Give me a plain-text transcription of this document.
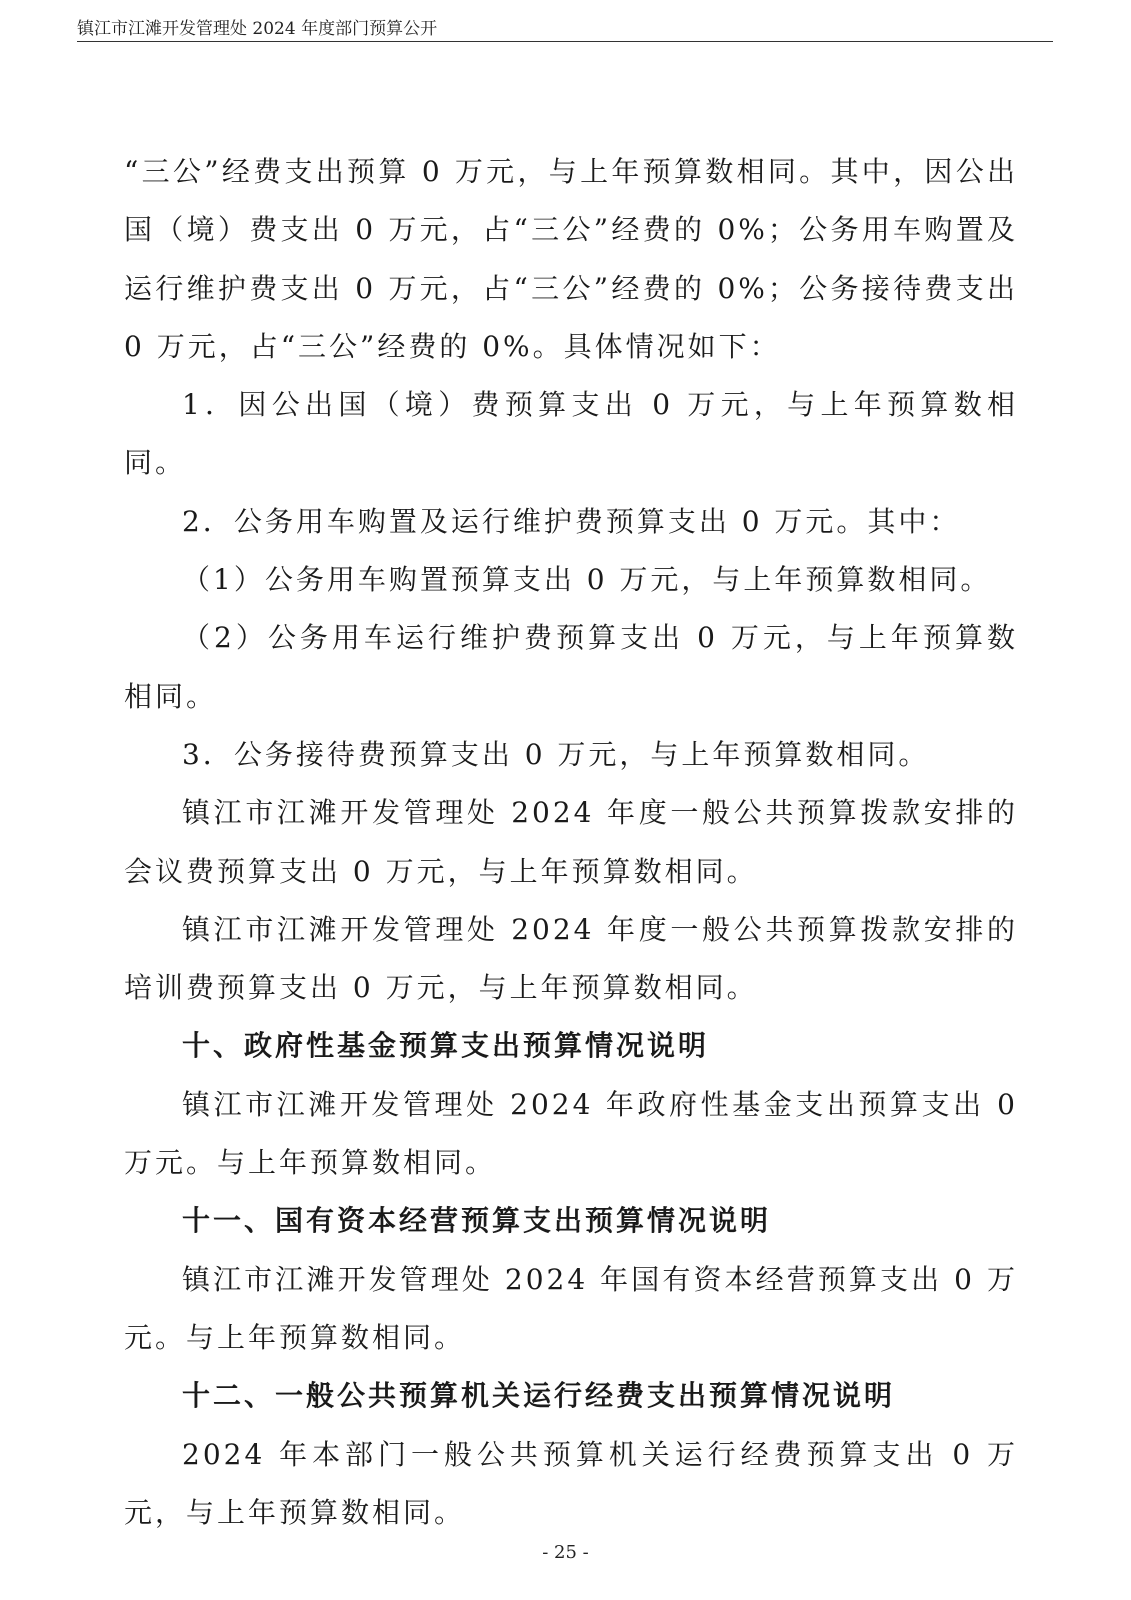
镇江市江滩开发管理处 2024 年度部门预算公开

“三公”经费支出预算 0 万元，与上年预算数相同。其中，因公出国（境）费支出 0 万元，占“三公”经费的 0%；公务用车购置及运行维护费支出 0 万元，占“三公”经费的 0%；公务接待费支出 0 万元，占“三公”经费的 0%。具体情况如下：

1．因公出国（境）费预算支出 0 万元，与上年预算数相同。

2．公务用车购置及运行维护费预算支出 0 万元。其中：

（1）公务用车购置预算支出 0 万元，与上年预算数相同。

（2）公务用车运行维护费预算支出 0 万元，与上年预算数相同。

3．公务接待费预算支出 0 万元，与上年预算数相同。

镇江市江滩开发管理处 2024 年度一般公共预算拨款安排的会议费预算支出 0 万元，与上年预算数相同。

镇江市江滩开发管理处 2024 年度一般公共预算拨款安排的培训费预算支出 0 万元，与上年预算数相同。

十、政府性基金预算支出预算情况说明

镇江市江滩开发管理处 2024 年政府性基金支出预算支出 0 万元。与上年预算数相同。

十一、国有资本经营预算支出预算情况说明

镇江市江滩开发管理处 2024 年国有资本经营预算支出 0 万元。与上年预算数相同。

十二、一般公共预算机关运行经费支出预算情况说明

2024 年本部门一般公共预算机关运行经费预算支出 0 万元，与上年预算数相同。

- 25 -
